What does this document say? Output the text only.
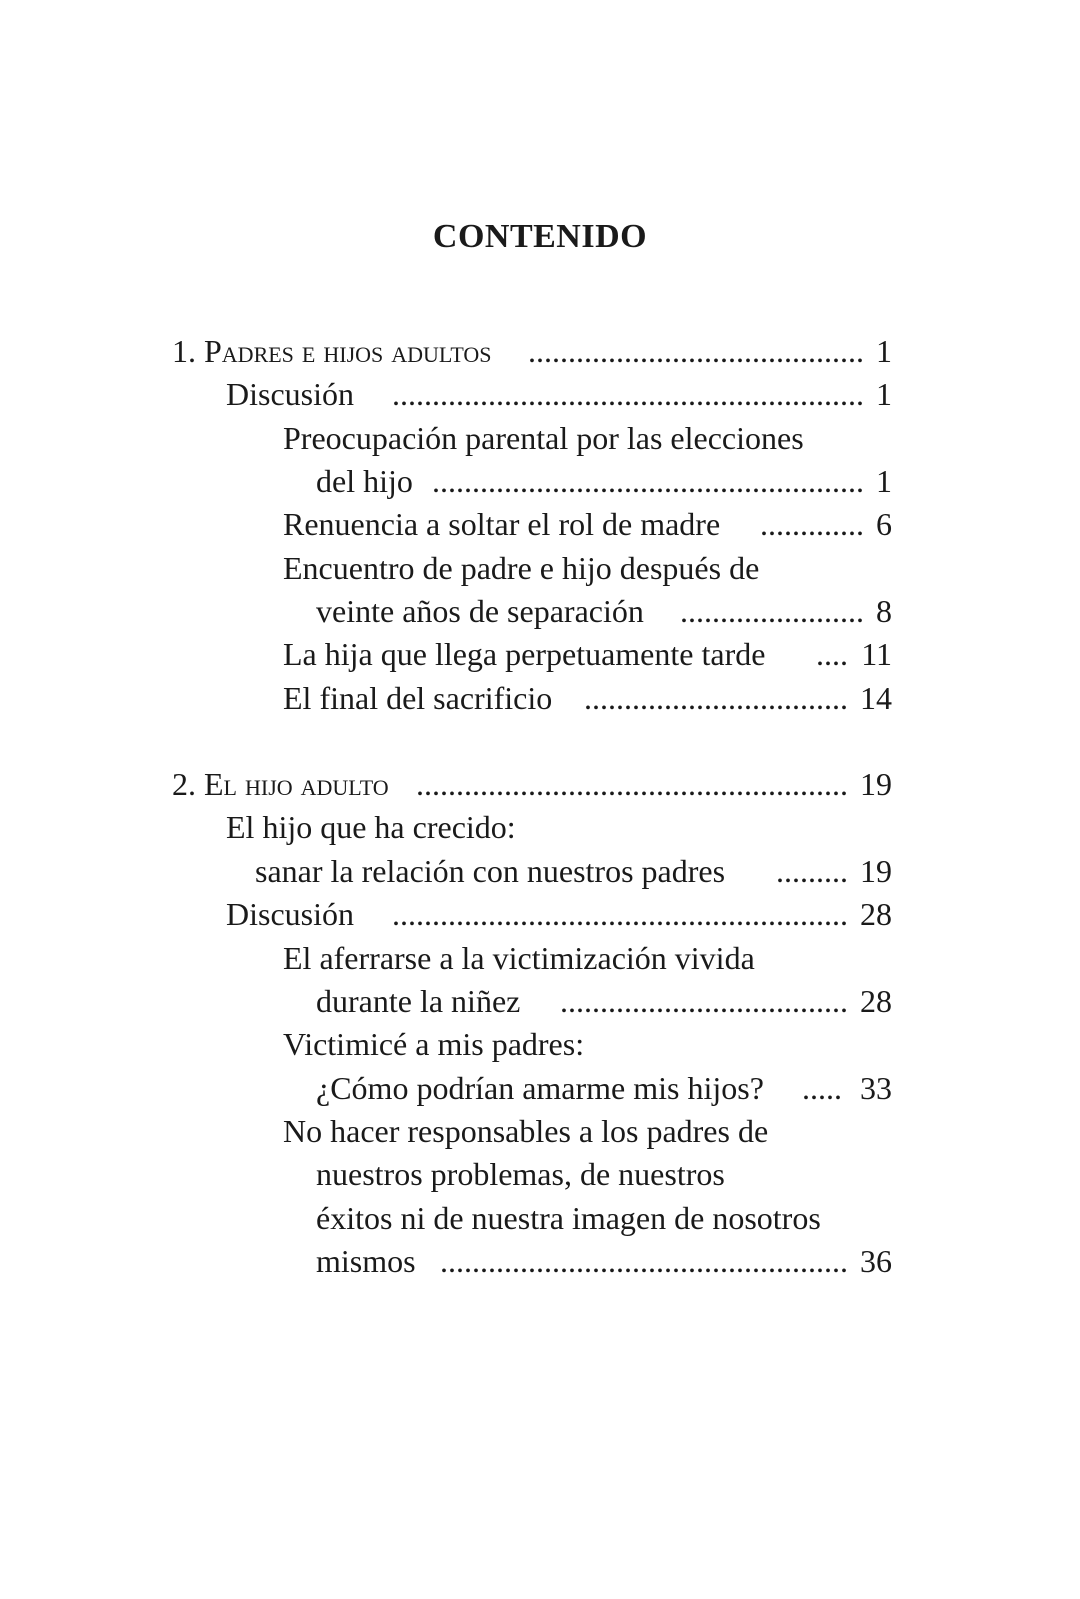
CONTENIDO
1. Padres e hijos adultos .......................................... 1
Discusión ........................................................... 1
Preocupación parental por las elecciones
del hijo ...................................................... 1
Renuencia a soltar el rol de madre ............. 6
Encuentro de padre e hijo después de
veinte años de separación ....................... 8
La hija que llega perpetuamente tarde .... 11
El final del sacrificio ................................. 14
2. El hijo adulto ...................................................... 19
El hijo que ha crecido:
sanar la relación con nuestros padres ......... 19
Discusión ......................................................... 28
El aferrarse a la victimización vivida
durante la niñez .................................... 28
Victimicé a mis padres:
¿Cómo podrían amarme mis hijos? ..... 33
No hacer responsables a los padres de
nuestros problemas, de nuestros
éxitos ni de nuestra imagen de nosotros
mismos ................................................... 36
